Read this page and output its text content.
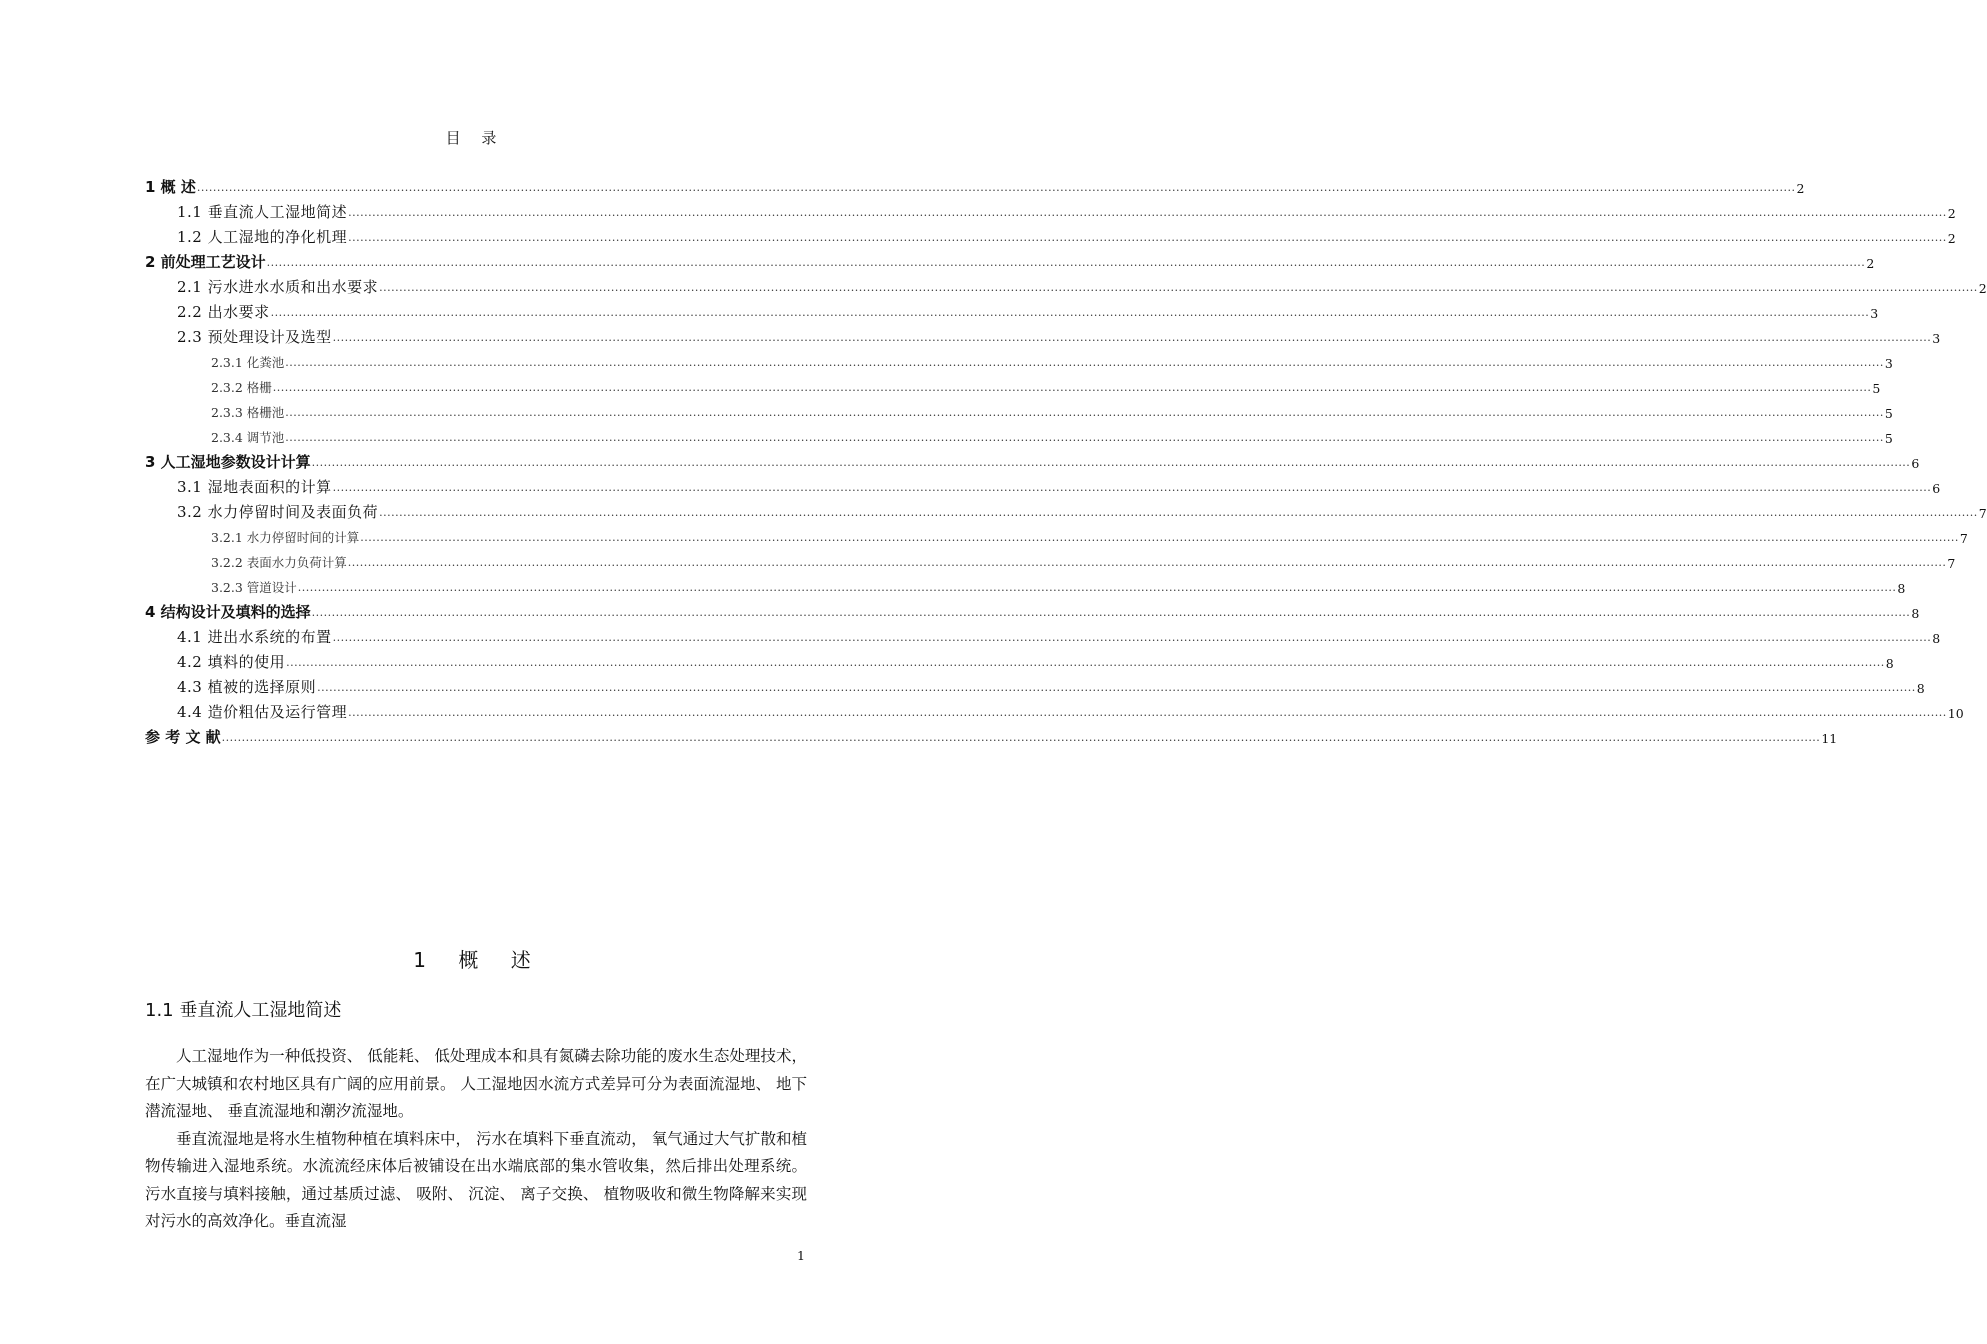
目 录
1 概 述 ................................................................................................................................................................................................................................................................................................................................................................................................................ 2
1.1 垂直流人工湿地简述 ................................................................................................................................................................................................................................................................................................................................................................................................................ 2
1.2 人工湿地的净化机理 ................................................................................................................................................................................................................................................................................................................................................................................................................ 2
2 前处理工艺设计 ................................................................................................................................................................................................................................................................................................................................................................................................................ 2
2.1 污水进水水质和出水要求 ................................................................................................................................................................................................................................................................................................................................................................................................................ 2
2.2 出水要求 ................................................................................................................................................................................................................................................................................................................................................................................................................ 3
2.3 预处理设计及选型 ................................................................................................................................................................................................................................................................................................................................................................................................................ 3
2.3.1 化粪池 ................................................................................................................................................................................................................................................................................................................................................................................................................ 3
2.3.2 格栅 ................................................................................................................................................................................................................................................................................................................................................................................................................ 5
2.3.3 格栅池 ................................................................................................................................................................................................................................................................................................................................................................................................................ 5
2.3.4 调节池 ................................................................................................................................................................................................................................................................................................................................................................................................................ 5
3 人工湿地参数设计计算 ................................................................................................................................................................................................................................................................................................................................................................................................................ 6
3.1 湿地表面积的计算 ................................................................................................................................................................................................................................................................................................................................................................................................................ 6
3.2 水力停留时间及表面负荷 ................................................................................................................................................................................................................................................................................................................................................................................................................ 7
3.2.1 水力停留时间的计算 ................................................................................................................................................................................................................................................................................................................................................................................................................ 7
3.2.2 表面水力负荷计算 ................................................................................................................................................................................................................................................................................................................................................................................................................ 7
3.2.3 管道设计 ................................................................................................................................................................................................................................................................................................................................................................................................................ 8
4 结构设计及填料的选择 ................................................................................................................................................................................................................................................................................................................................................................................................................ 8
4.1 进出水系统的布置 ................................................................................................................................................................................................................................................................................................................................................................................................................ 8
4.2 填料的使用 ................................................................................................................................................................................................................................................................................................................................................................................................................ 8
4.3 植被的选择原则 ................................................................................................................................................................................................................................................................................................................................................................................................................ 8
4.4 造价粗估及运行管理 ................................................................................................................................................................................................................................................................................................................................................................................................................ 10
参 考 文 献 ................................................................................................................................................................................................................................................................................................................................................................................................................ 11
1 概 述
1.1 垂直流人工湿地简述

人工湿地作为一种低投资、 低能耗、 低处理成本和具有氮磷去除功能的废水生态处理技术， 在广大城镇和农村地区具有广阔的应用前景。 人工湿地因水流方式差异可分为表面流湿地、 地下潜流湿地、 垂直流湿地和潮汐流湿地。

垂直流湿地是将水生植物种植在填料床中， 污水在填料下垂直流动， 氧气通过大气扩散和植物传输进入湿地系统。水流流经床体后被铺设在出水端底部的集水管收集，然后排出处理系统。污水直接与填料接触，通过基质过滤、 吸附、 沉淀、 离子交换、 植物吸收和微生物降解来实现对污水的高效净化。垂直流湿

1
